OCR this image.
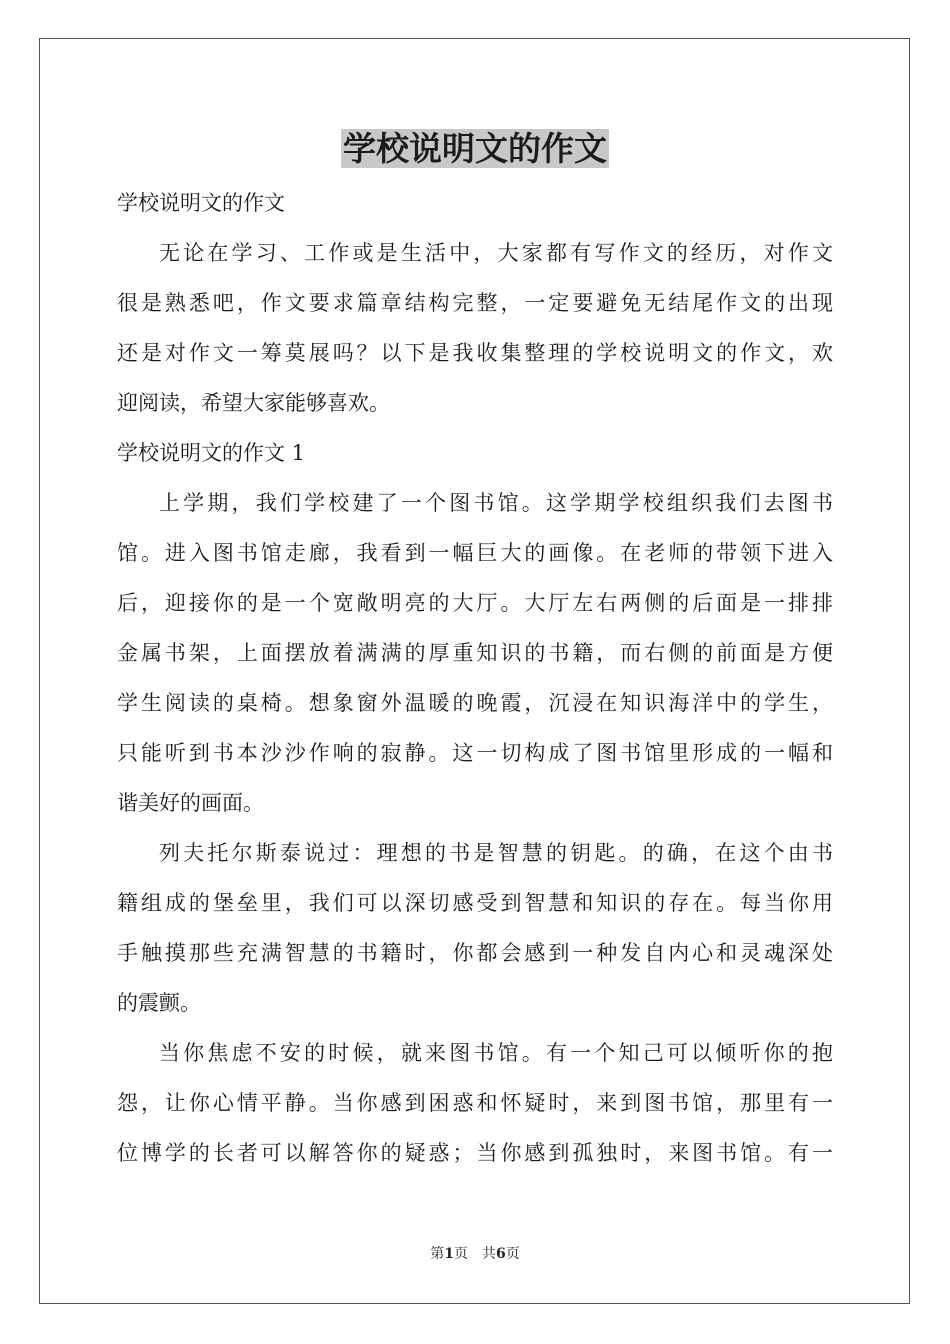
学校说明文的作文
学校说明文的作文
无论在学习、工作或是生活中，大家都有写作文的经历，对作文
很是熟悉吧，作文要求篇章结构完整，一定要避免无结尾作文的出现
还是对作文一筹莫展吗？以下是我收集整理的学校说明文的作文，欢
迎阅读，希望大家能够喜欢。
学校说明文的作文 1
上学期，我们学校建了一个图书馆。这学期学校组织我们去图书
馆。进入图书馆走廊，我看到一幅巨大的画像。在老师的带领下进入
后，迎接你的是一个宽敞明亮的大厅。大厅左右两侧的后面是一排排
金属书架，上面摆放着满满的厚重知识的书籍，而右侧的前面是方便
学生阅读的桌椅。想象窗外温暖的晚霞，沉浸在知识海洋中的学生，
只能听到书本沙沙作响的寂静。这一切构成了图书馆里形成的一幅和
谐美好的画面。
列夫托尔斯泰说过：理想的书是智慧的钥匙。的确，在这个由书
籍组成的堡垒里，我们可以深切感受到智慧和知识的存在。每当你用
手触摸那些充满智慧的书籍时，你都会感到一种发自内心和灵魂深处
的震颤。
当你焦虑不安的时候，就来图书馆。有一个知己可以倾听你的抱
怨，让你心情平静。当你感到困惑和怀疑时，来到图书馆，那里有一
位博学的长者可以解答你的疑惑；当你感到孤独时，来图书馆。有一
第1页 共6页
